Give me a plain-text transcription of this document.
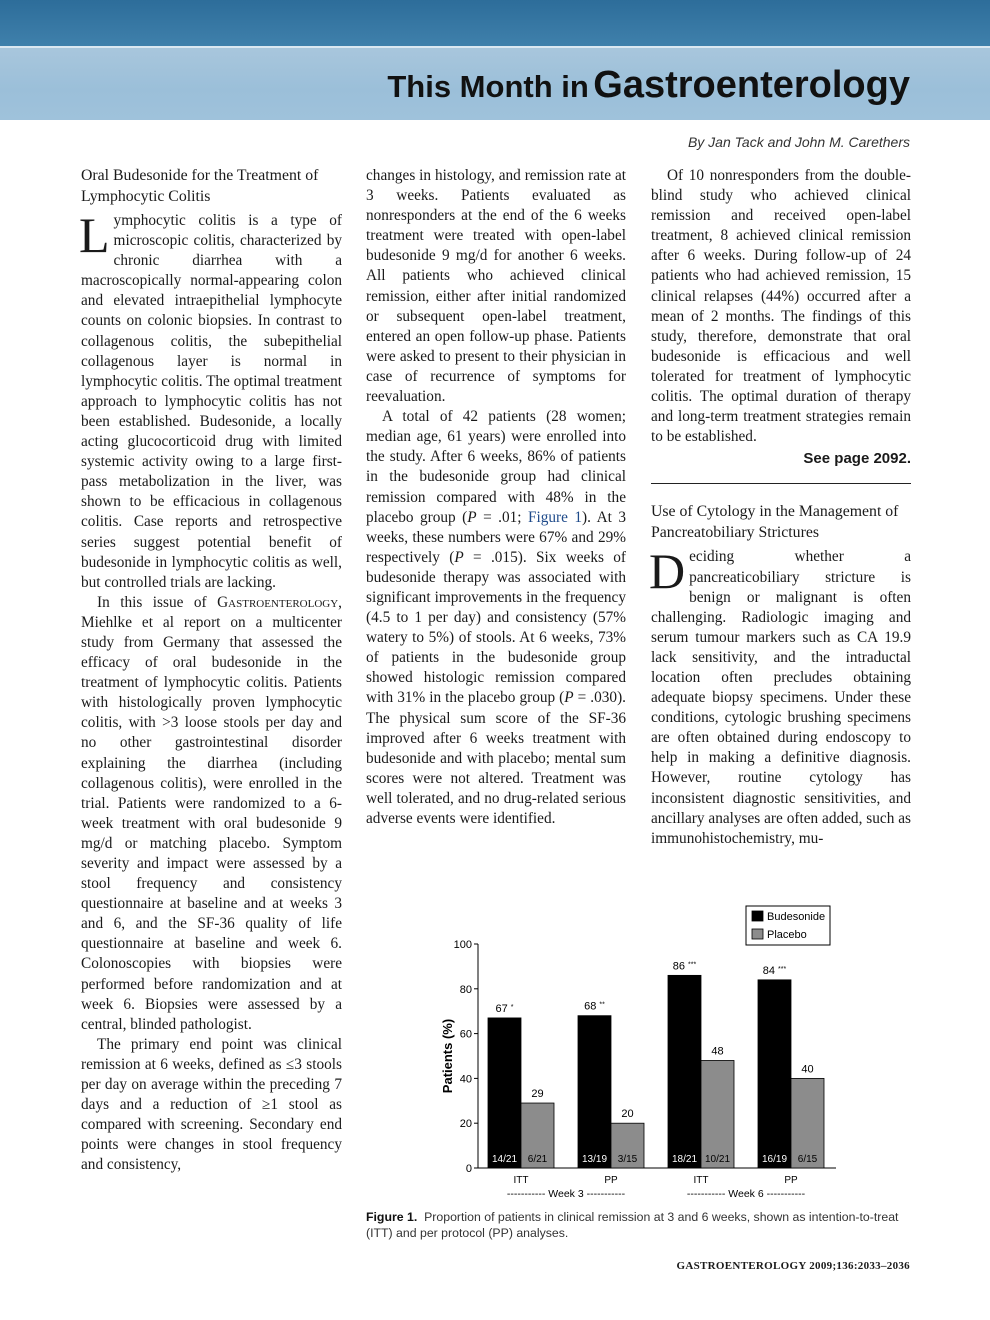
This Month in Gastroenterology
By Jan Tack and John M. Carethers
Oral Budesonide for the Treatment of Lymphocytic Colitis

Lymphocytic colitis is a type of microscopic colitis, characterized by chronic diarrhea with a macroscopically normal-appearing colon and elevated intraepithelial lymphocyte counts on colonic biopsies. In contrast to collagenous colitis, the subepithelial collagenous layer is normal in lymphocytic colitis. The optimal treatment approach to lymphocytic colitis has not been established. Budesonide, a locally acting glucocorticoid drug with limited systemic activity owing to a large first-pass metabolization in the liver, was shown to be efficacious in collagenous colitis. Case reports and retrospective series suggest potential benefit of budesonide in lymphocytic colitis as well, but controlled trials are lacking.

In this issue of Gastroenterology, Miehlke et al report on a multicenter study from Germany that assessed the efficacy of oral budesonide in the treatment of lymphocytic colitis. Patients with histologically proven lymphocytic colitis, with >3 loose stools per day and no other gastrointestinal disorder explaining the diarrhea (including collagenous colitis), were enrolled in the trial. Patients were randomized to a 6-week treatment with oral budesonide 9 mg/d or matching placebo. Symptom severity and impact were assessed by a stool frequency and consistency questionnaire at baseline and at weeks 3 and 6, and the SF-36 quality of life questionnaire at baseline and week 6. Colonoscopies with biopsies were performed before randomization and at week 6. Biopsies were assessed by a central, blinded pathologist.

The primary end point was clinical remission at 6 weeks, defined as ≤3 stools per day on average within the preceding 7 days and a reduction of ≥1 stool as compared with screening. Secondary end points were changes in stool frequency and consistency,

changes in histology, and remission rate at 3 weeks. Patients evaluated as nonresponders at the end of the 6 weeks treatment were treated with open-label budesonide 9 mg/d for another 6 weeks. All patients who achieved clinical remission, either after initial randomized or subsequent open-label treatment, entered an open follow-up phase. Patients were asked to present to their physician in case of recurrence of symptoms for reevaluation.

A total of 42 patients (28 women; median age, 61 years) were enrolled into the study. After 6 weeks, 86% of patients in the budesonide group had clinical remission compared with 48% in the placebo group (P = .01; Figure 1). At 3 weeks, these numbers were 67% and 29% respectively (P = .015). Six weeks of budesonide therapy was associated with significant improvements in the frequency (4.5 to 1 per day) and consistency (57% watery to 5%) of stools. At 6 weeks, 73% of patients in the budesonide group showed histologic remission compared with 31% in the placebo group (P = .030). The physical sum score of the SF-36 improved after 6 weeks treatment with budesonide and with placebo; mental sum scores were not altered. Treatment was well tolerated, and no drug-related serious adverse events were identified.

Of 10 nonresponders from the double-blind study who achieved clinical remission and received open-label treatment, 8 achieved clinical remission after 6 weeks. During follow-up of 24 patients who had achieved remission, 15 clinical relapses (44%) occurred after a mean of 2 months. The findings of this study, therefore, demonstrate that oral budesonide is efficacious and well tolerated for treatment of lymphocytic colitis. The optimal duration of therapy and long-term treatment strategies remain to be established.

See page 2092.
Use of Cytology in the Management of Pancreatobiliary Strictures

Deciding whether a pancreaticobiliary stricture is benign or malignant is often challenging. Radiologic imaging and serum tumour markers such as CA 19.9 lack sensitivity, and the intraductal location often precludes obtaining adequate biopsy specimens. Under these conditions, cytologic brushing specimens are often obtained during endoscopy to help in making a definitive diagnosis. However, routine cytology has inconsistent diagnostic sensitivities, and ancillary analyses are often added, such as immunohistochemistry, mu-

0
20
40
60
80
100
Patients (%)
67 *
14/21
29
6/21
ITT
68 **
13/19
20
3/15
PP
86 ***
18/21
48
10/21
ITT
84 ***
16/19
40
6/15
PP
----------- Week 3 -----------	----------- Week 6 -----------
Budesonide
Placebo
Figure 1. Proportion of patients in clinical remission at 3 and 6 weeks, shown as intention-to-treat (ITT) and per protocol (PP) analyses.
GASTROENTEROLOGY 2009;136:2033–2036
